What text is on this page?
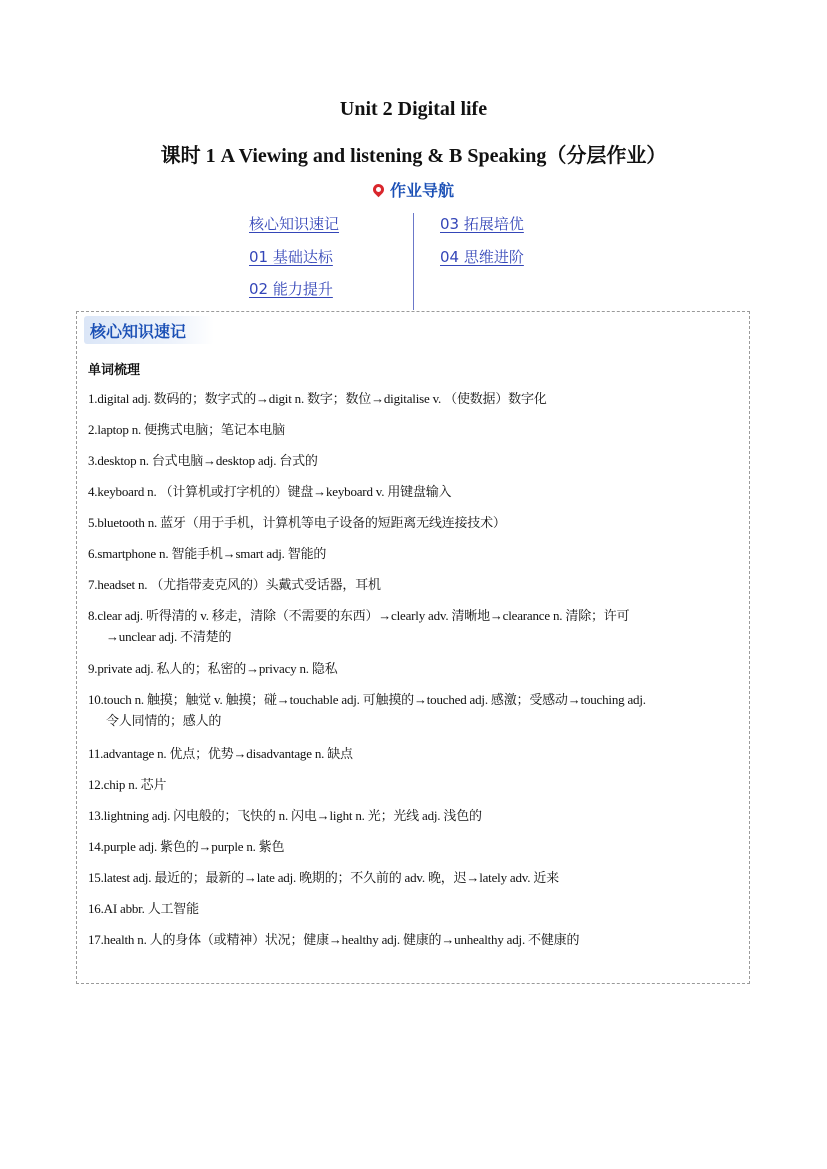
Unit 2 Digital life
课时 1 A Viewing and listening & B Speaking（分层作业）
作业导航
核心知识速记
01 基础达标
02 能力提升
03 拓展培优
04 思维进阶
核心知识速记
单词梳理
1.digital adj. 数码的；数字式的→digit n. 数字；数位→digitalise v. （使数据）数字化
2.laptop n. 便携式电脑；笔记本电脑
3.desktop n. 台式电脑→desktop adj. 台式的
4.keyboard n. （计算机或打字机的）键盘→keyboard v. 用键盘输入
5.bluetooth n. 蓝牙（用于手机，计算机等电子设备的短距离无线连接技术）
6.smartphone n. 智能手机→smart adj. 智能的
7.headset n. （尤指带麦克风的）头戴式受话器，耳机
8.clear adj. 听得清的 v. 移走，清除（不需要的东西）→clearly adv. 清晰地→clearance n. 清除；许可
→unclear adj. 不清楚的
9.private adj. 私人的；私密的→privacy n. 隐私
10.touch n. 触摸；触觉 v. 触摸；碰→touchable adj. 可触摸的→touched adj. 感激；受感动→touching adj.
令人同情的；感人的
11.advantage n. 优点；优势→disadvantage n. 缺点
12.chip n. 芯片
13.lightning adj. 闪电般的；飞快的 n. 闪电→light n. 光；光线 adj. 浅色的
14.purple adj. 紫色的→purple n. 紫色
15.latest adj. 最近的；最新的→late adj. 晚期的；不久前的 adv. 晚，迟→lately adv. 近来
16.AI abbr. 人工智能
17.health n. 人的身体（或精神）状况；健康→healthy adj. 健康的→unhealthy adj. 不健康的
